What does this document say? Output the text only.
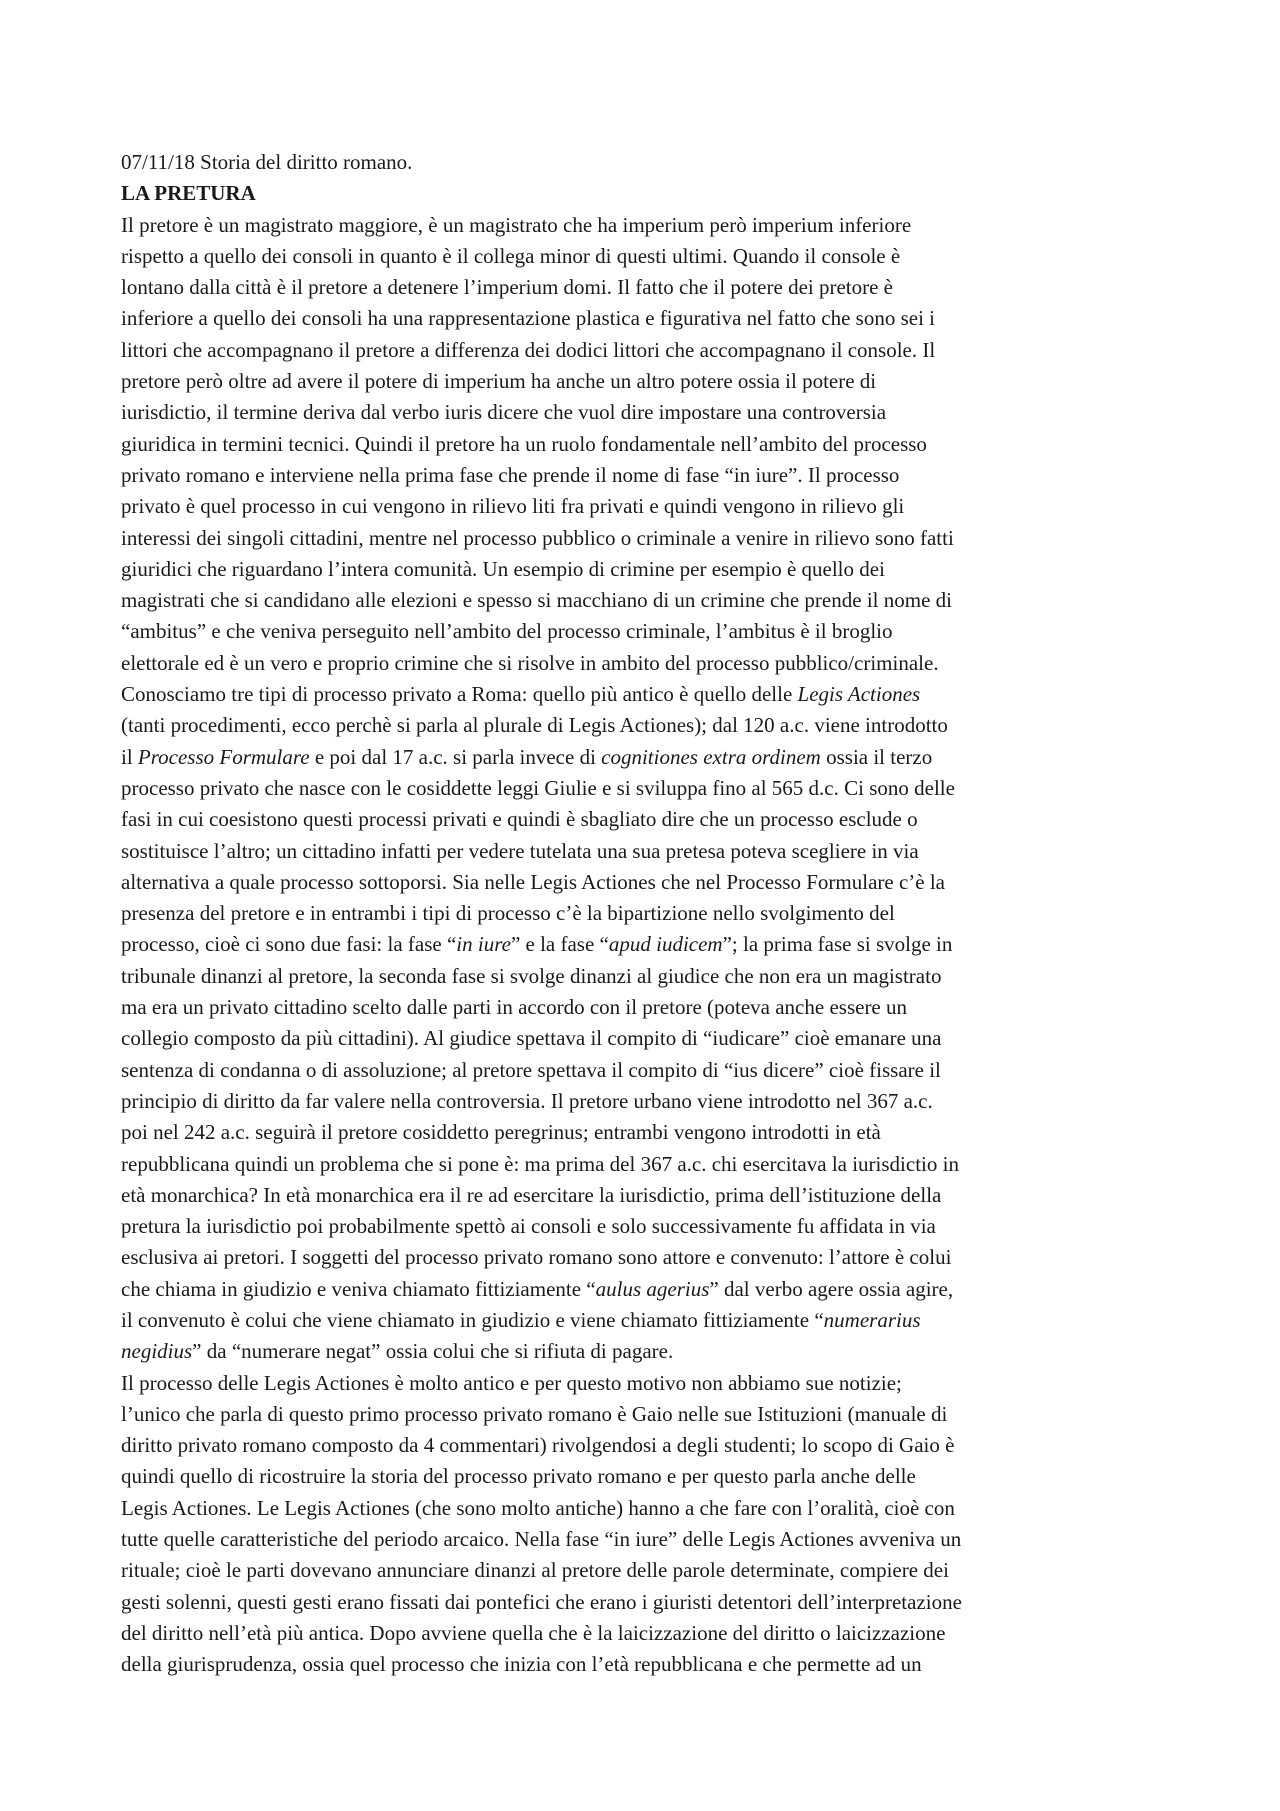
07/11/18 Storia del diritto romano.
LA PRETURA
Il pretore è un magistrato maggiore, è un magistrato che ha imperium però imperium inferiore
rispetto a quello dei consoli in quanto è il collega minor di questi ultimi. Quando il console è
lontano dalla città è il pretore a detenere l’imperium domi. Il fatto che il potere dei pretore è
inferiore a quello dei consoli ha una rappresentazione plastica e figurativa nel fatto che sono sei i
littori che accompagnano il pretore a differenza dei dodici littori che accompagnano il console. Il
pretore però oltre ad avere il potere di imperium ha anche un altro potere ossia il potere di
iurisdictio, il termine deriva dal verbo iuris dicere che vuol dire impostare una controversia
giuridica in termini tecnici. Quindi il pretore ha un ruolo fondamentale nell’ambito del processo
privato romano e interviene nella prima fase che prende il nome di fase “in iure”. Il processo
privato è quel processo in cui vengono in rilievo liti fra privati e quindi vengono in rilievo gli
interessi dei singoli cittadini, mentre nel processo pubblico o criminale a venire in rilievo sono fatti
giuridici che riguardano l’intera comunità. Un esempio di crimine per esempio è quello dei
magistrati che si candidano alle elezioni e spesso si macchiano di un crimine che prende il nome di
“ambitus” e che veniva perseguito nell’ambito del processo criminale, l’ambitus è il broglio
elettorale ed è un vero e proprio crimine che si risolve in ambito del processo pubblico/criminale.
Conosciamo tre tipi di processo privato a Roma: quello più antico è quello delle Legis Actiones
(tanti procedimenti, ecco perchè si parla al plurale di Legis Actiones); dal 120 a.c. viene introdotto
il Processo Formulare e poi dal 17 a.c. si parla invece di cognitiones extra ordinem ossia il terzo
processo privato che nasce con le cosiddette leggi Giulie e si sviluppa fino al 565 d.c. Ci sono delle
fasi in cui coesistono questi processi privati e quindi è sbagliato dire che un processo esclude o
sostituisce l’altro; un cittadino infatti per vedere tutelata una sua pretesa poteva scegliere in via
alternativa a quale processo sottoporsi. Sia nelle Legis Actiones che nel Processo Formulare c’è la
presenza del pretore e in entrambi i tipi di processo c’è la bipartizione nello svolgimento del
processo, cioè ci sono due fasi: la fase “in iure” e la fase “apud iudicem”; la prima fase si svolge in
tribunale dinanzi al pretore, la seconda fase si svolge dinanzi al giudice che non era un magistrato
ma era un privato cittadino scelto dalle parti in accordo con il pretore (poteva anche essere un
collegio composto da più cittadini). Al giudice spettava il compito di “iudicare” cioè emanare una
sentenza di condanna o di assoluzione; al pretore spettava il compito di “ius dicere” cioè fissare il
principio di diritto da far valere nella controversia. Il pretore urbano viene introdotto nel 367 a.c.
poi nel 242 a.c. seguirà il pretore cosiddetto peregrinus; entrambi vengono introdotti in età
repubblicana quindi un problema che si pone è: ma prima del 367 a.c. chi esercitava la iurisdictio in
età monarchica? In età monarchica era il re ad esercitare la iurisdictio, prima dell’istituzione della
pretura la iurisdictio poi probabilmente spettò ai consoli e solo successivamente fu affidata in via
esclusiva ai pretori. I soggetti del processo privato romano sono attore e convenuto: l’attore è colui
che chiama in giudizio e veniva chiamato fittiziamente “aulus agerius” dal verbo agere ossia agire,
il convenuto è colui che viene chiamato in giudizio e viene chiamato fittiziamente “numerarius
negidius” da “numerare negat” ossia colui che si rifiuta di pagare.
Il processo delle Legis Actiones è molto antico e per questo motivo non abbiamo sue notizie;
l’unico che parla di questo primo processo privato romano è Gaio nelle sue Istituzioni (manuale di
diritto privato romano composto da 4 commentari) rivolgendosi a degli studenti; lo scopo di Gaio è
quindi quello di ricostruire la storia del processo privato romano e per questo parla anche delle
Legis Actiones. Le Legis Actiones (che sono molto antiche) hanno a che fare con l’oralità, cioè con
tutte quelle caratteristiche del periodo arcaico. Nella fase “in iure” delle Legis Actiones avveniva un
rituale; cioè le parti dovevano annunciare dinanzi al pretore delle parole determinate, compiere dei
gesti solenni, questi gesti erano fissati dai pontefici che erano i giuristi detentori dell’interpretazione
del diritto nell’età più antica. Dopo avviene quella che è la laicizzazione del diritto o laicizzazione
della giurisprudenza, ossia quel processo che inizia con l’età repubblicana e che permette ad un
